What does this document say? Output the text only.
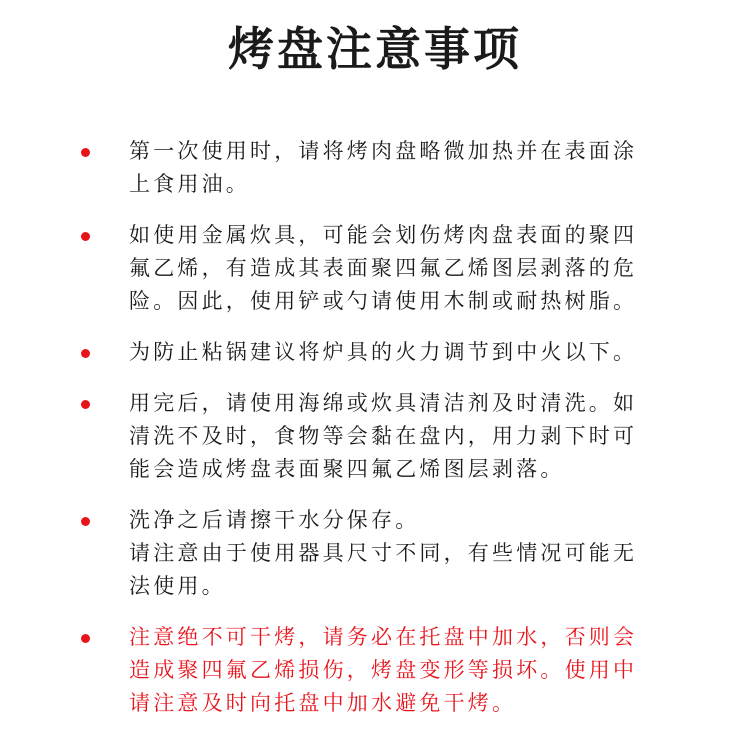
烤盘注意事项
第一次使用时，请将烤肉盘略微加热并在表面涂
上食用油。
如使用金属炊具，可能会划伤烤肉盘表面的聚四
氟乙烯，有造成其表面聚四氟乙烯图层剥落的危
险。因此，使用铲或勺请使用木制或耐热树脂。
为防止粘锅建议将炉具的火力调节到中火以下。
用完后，请使用海绵或炊具清洁剂及时清洗。如
清洗不及时，食物等会黏在盘内，用力剥下时可
能会造成烤盘表面聚四氟乙烯图层剥落。
洗净之后请擦干水分保存。
请注意由于使用器具尺寸不同，有些情况可能无
法使用。
注意绝不可干烤，请务必在托盘中加水，否则会
造成聚四氟乙烯损伤，烤盘变形等损坏。使用中
请注意及时向托盘中加水避免干烤。
